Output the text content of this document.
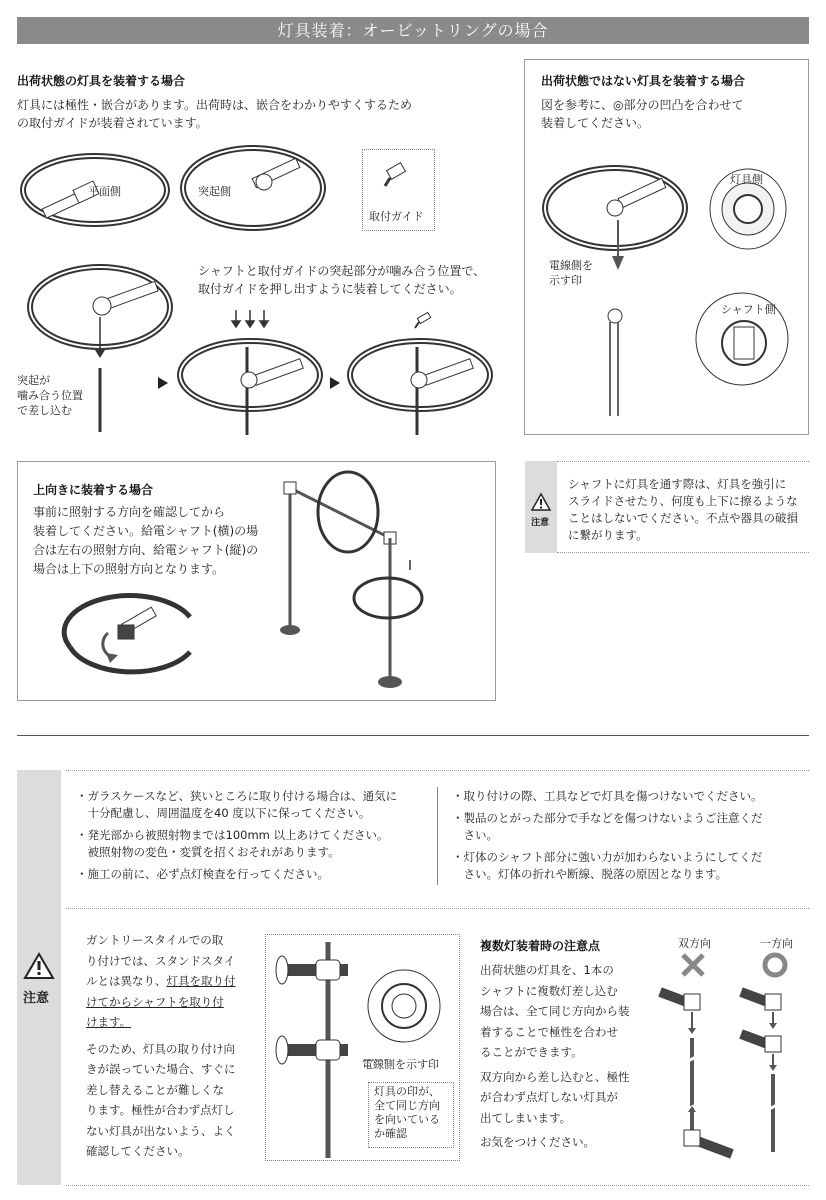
灯具装着：オービットリングの場合
出荷状態の灯具を装着する場合
灯具には極性・嵌合があります。出荷時は、嵌合をわかりやすくするため
の取付ガイドが装着されています。
平面側	突起側
取付ガイド
突起が
噛み合う位置
で差し込む
シャフトと取付ガイドの突起部分が噛み合う位置で、
取付ガイドを押し出すように装着してください。
出荷状態ではない灯具を装着する場合
図を参考に、◎部分の凹凸を合わせて
装着してください。
灯具側
電線側を
示す印
シャフト側
上向きに装着する場合
事前に照射する方向を確認してから
装着してください。給電シャフト(横)の場
合は左右の照射方向、給電シャフト(縦)の
場合は上下の照射方向となります。
注意
シャフトに灯具を通す際は、灯具を強引に
スライドさせたり、何度も上下に擦るような
ことはしないでください。不点や器具の破損
に繋がります。
注意
・ガラスケースなど、狭いところに取り付ける場合は、通気に
　十分配慮し、周囲温度を40 度以下に保ってください。
・発光部から被照射物までは100mm 以上あけてください。
　被照射物の変色・変質を招くおそれがあります。
・施工の前に、必ず点灯検査を行ってください。
・取り付けの際、工具などで灯具を傷つけないでください。
・製品のとがった部分で手などを傷つけないようご注意くだ
　さい。
・灯体のシャフト部分に強い力が加わらないようにしてくだ
　さい。灯体の折れや断線、脱落の原因となります。
ガントリースタイルでの取
り付けでは、スタンドスタイ
ルとは異なり、灯具を取り付
けてからシャフトを取り付
けます。
そのため、灯具の取り付け向
きが誤っていた場合、すぐに
差し替えることが難しくな
ります。極性が合わず点灯し
ない灯具が出ないよう、よく
確認してください。
電線側を示す印
灯具の印が、
全て同じ方向
を向いている
か確認
複数灯装着時の注意点
出荷状態の灯具を、1本の
シャフトに複数灯差し込む
場合は、全て同じ方向から装
着することで極性を合わせ
ることができます。
双方向から差し込むと、極性
が合わず点灯しない灯具が
出てしまいます。
お気をつけください。
双方向	一方向
